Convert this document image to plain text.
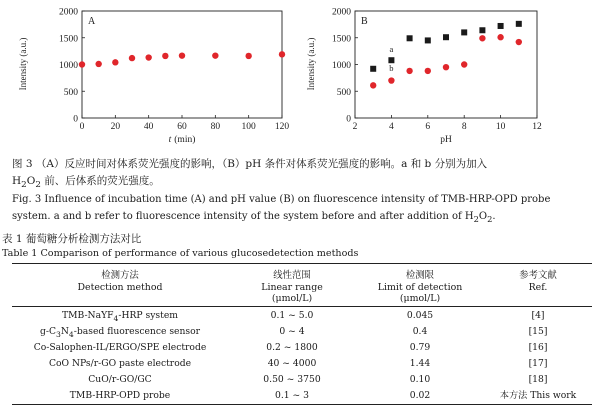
A
0
500
1000
1500
2000
0	20	40	60	80 100 120
Intensity (a.u.)
t (min)
B
0
500
1000
1500
2000
2	4	6	8	10	12
a
b
Intensity (a.u.)
pH
图 3 （A）反应时间对体系荧光强度的影响，（B）pH 条件对体系荧光强度的影响。a 和 b 分别为加入
$H_2O_2$ 前、后体系的荧光强度。
Fig. 3 Influence of incubation time (A) and pH value (B) on fluorescence intensity of TMB-HRP-OPD probe
system. a and b refer to fluorescence intensity of the system before and after addition of $H_2O_2$.
表 1 葡萄糖分析检测方法对比
Table 1 Comparison of performance of various glucosedetection methods
检测方法
Detection method
线性范围
Linear range
(μmol/L)
检测限
Limit of detection
(μmol/L)
参考文献
Ref.
TMB-NaYF$_4$-HRP system	0.1 ~ 5.0	0.045	[4]
$g-C_3N_4$-based fluorescence sensor	0 ~ 4	0.4	[15]
Co-Salophen-IL/ERGO/SPE electrode	0.2 ~ 1800	0.79	[16]
CoO NPs/r-GO paste electrode	40 ~ 4000	1.44	[17]
CuO/r-GO/GC	0.50 ~ 3750	0.10	[18]
TMB-HRP-OPD probe	0.1 ~ 3	0.02	本方法 This work
